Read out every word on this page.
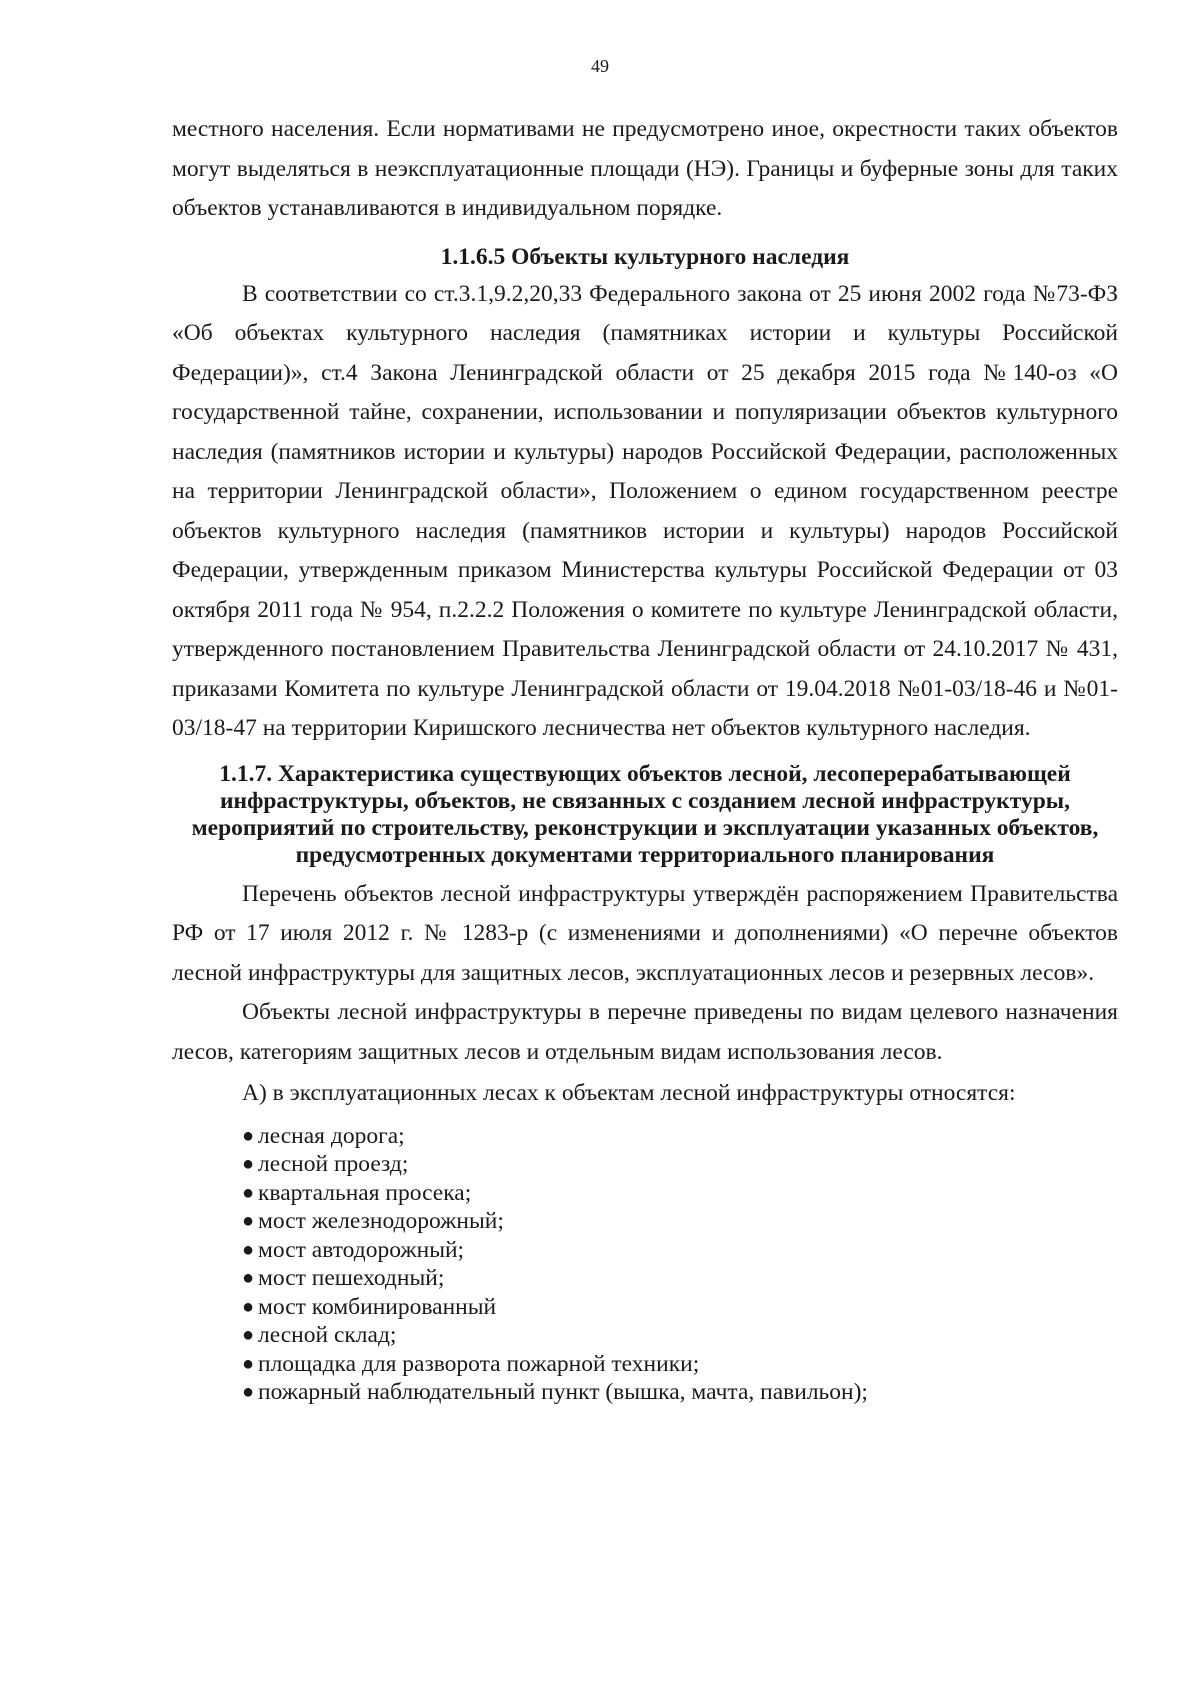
49

местного населения. Если нормативами не предусмотрено иное, окрестности таких объектов могут выделяться в неэксплуатационные площади (НЭ). Границы и буферные зоны для таких объектов устанавливаются в индивидуальном порядке.

1.1.6.5 Объекты культурного наследия

В соответствии со ст.3.1,9.2,20,33 Федерального закона от 25 июня 2002 года №73-ФЗ «Об объектах культурного наследия (памятниках истории и культуры Российской Федерации)», ст.4 Закона Ленинградской области от 25 декабря 2015 года №140-оз «О государственной тайне, сохранении, использовании и популяризации объектов культурного наследия (памятников истории и культуры) народов Российской Федерации, расположенных на территории Ленинградской области», Положением о едином государственном реестре объектов культурного наследия (памятников истории и культуры) народов Российской Федерации, утвержденным приказом Министерства культуры Российской Федерации от 03 октября 2011 года № 954, п.2.2.2 Положения о комитете по культуре Ленинградской области, утвержденного постановлением Правительства Ленинградской области от 24.10.2017 № 431, приказами Комитета по культуре Ленинградской области от 19.04.2018 №01-03/18-46 и №01-03/18-47 на территории Киришского лесничества нет объектов культурного наследия.

1.1.7. Характеристика существующих объектов лесной, лесоперерабатывающей инфраструктуры, объектов, не связанных с созданием лесной инфраструктуры, мероприятий по строительству, реконструкции и эксплуатации указанных объектов, предусмотренных документами территориального планирования

Перечень объектов лесной инфраструктуры утверждён распоряжением Правительства РФ от 17 июля 2012 г. № 1283-р (с изменениями и дополнениями) «О перечне объектов лесной инфраструктуры для защитных лесов, эксплуатационных лесов и резервных лесов».

Объекты лесной инфраструктуры в перечне приведены по видам целевого назначения лесов, категориям защитных лесов и отдельным видам использования лесов.

А) в эксплуатационных лесах к объектам лесной инфраструктуры относятся:

● лесная дорога;
● лесной проезд;
● квартальная просека;
● мост железнодорожный;
● мост автодорожный;
● мост пешеходный;
● мост комбинированный
● лесной склад;
● площадка для разворота пожарной техники;
● пожарный наблюдательный пункт (вышка, мачта, павильон);
